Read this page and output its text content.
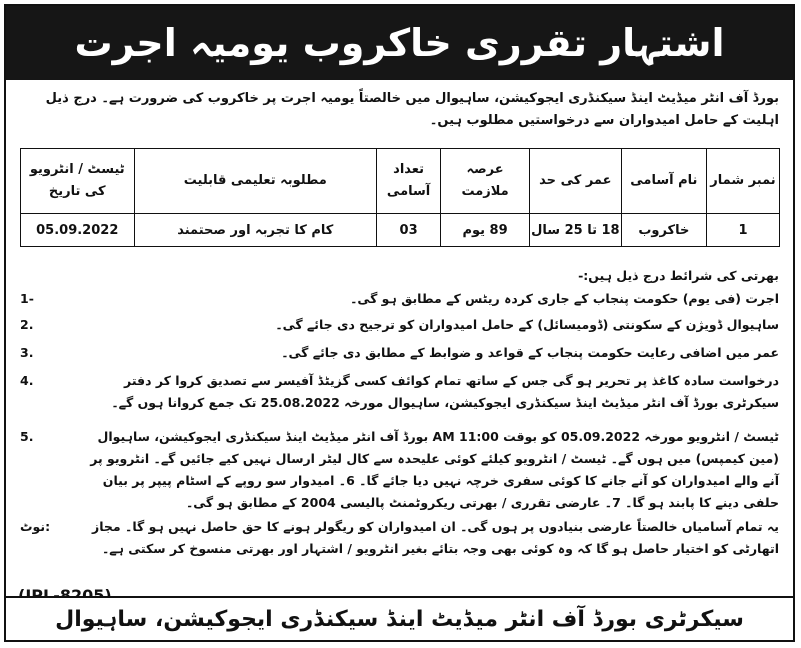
اشتہار تقرری خاکروب یومیہ اجرت
بورڈ آف انٹر میڈیٹ اینڈ سیکنڈری ایجوکیشن، ساہیوال میں خالصتاً یومیہ اجرت پر خاکروب کی ضرورت ہے۔ درج ذیل اہلیت کے حامل امیدواران سے درخواستیں مطلوب ہیں۔
نمبر شمار	نام آسامی	عمر کی حد	عرصہ ملازمت	تعداد آسامی	مطلوبہ تعلیمی قابلیت	ٹیسٹ / انٹرویو کی تاریخ
1	خاکروب	18 تا 25 سال	89 یوم	03	کام کا تجربہ اور صحتمند	05.09.2022
بھرتی کی شرائط درج ذیل ہیں:-
اجرت (فی یوم) حکومت پنجاب کے جاری کردہ ریٹس کے مطابق ہو گی۔
1-
ساہیوال ڈویژن کے سکونتی (ڈومیسائل) کے حامل امیدواران کو ترجیح دی جائے گی۔
2.
عمر میں اضافی رعایت حکومت پنجاب کے قواعد و ضوابط کے مطابق دی جائے گی۔
3.
درخواست سادہ کاغذ پر تحریر ہو گی جس کے ساتھ تمام کوائف کسی گزیٹڈ آفیسر سے تصدیق کروا کر دفتر سیکرٹری بورڈ آف انٹر میڈیٹ اینڈ سیکنڈری ایجوکیشن، ساہیوال مورخہ 25.08.2022 تک جمع کروانا ہوں گے۔
4.
ٹیسٹ / انٹرویو مورخہ 05.09.2022 کو بوقت 11:00 AM بورڈ آف انٹر میڈیٹ اینڈ سیکنڈری ایجوکیشن، ساہیوال (مین کیمپس) میں ہوں گے۔ ٹیسٹ / انٹرویو کیلئے کوئی علیحدہ سے کال لیٹر ارسال نہیں کیے جائیں گے۔ انٹرویو پر آنے والے امیدواران کو آنے جانے کا کوئی سفری خرچہ نہیں دیا جائے گا۔ 6۔ امیدوار سو روپے کے اسٹام پیپر پر بیان حلفی دینے کا پابند ہو گا۔ 7۔ عارضی تقرری / بھرتی ریکروٹمنٹ پالیسی 2004 کے مطابق ہو گی۔
5.
یہ تمام آسامیاں خالصتاً عارضی بنیادوں پر ہوں گی۔ ان امیدواران کو ریگولر ہونے کا حق حاصل نہیں ہو گا۔ مجاز اتھارٹی کو اختیار حاصل ہو گا کہ وہ کوئی بھی وجہ بتائے بغیر انٹرویو / اشتہار اور بھرتی منسوخ کر سکتی ہے۔
نوٹ:
سیکرٹری بورڈ آف انٹر میڈیٹ اینڈ سیکنڈری ایجوکیشن، ساہیوال
